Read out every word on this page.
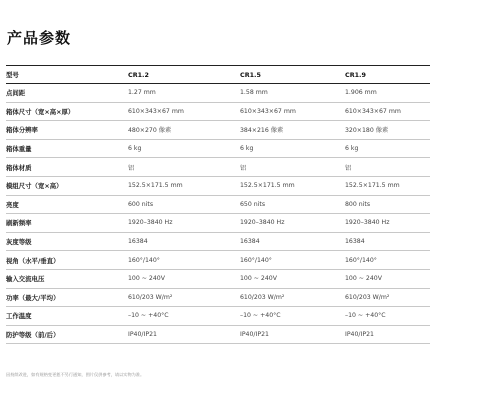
产品参数
型号	CR1.2	CR1.5	CR1.9
点间距	1.27 mm	1.58 mm	1.906 mm
箱体尺寸（宽×高×厚）	610×343×67 mm	610×343×67 mm	610×343×67 mm
箱体分辨率	480×270 像素	384×216 像素	320×180 像素
箱体重量	6 kg	6 kg	6 kg
箱体材质	铝	铝	铝
模组尺寸（宽×高）	152.5×171.5 mm	152.5×171.5 mm	152.5×171.5 mm
亮度	600 nits	650 nits	800 nits
刷新频率	1920–3840 Hz	1920–3840 Hz	1920–3840 Hz
灰度等级	16384	16384	16384
视角（水平/垂直）	160°/140°	160°/140°	160°/140°
输入交流电压	100 ~ 240V	100 ~ 240V	100 ~ 240V
功率（最大/平均）	610/203 W/m²	610/203 W/m²	610/203 W/m²
工作温度	–10 ~ +40°C	–10 ~ +40°C	–10 ~ +40°C
防护等级（前/后）	IP40/IP21	IP40/IP21	IP40/IP21
因持续改进，如有规格变更恕不另行通知，图片仅供参考，请以实物为准。
